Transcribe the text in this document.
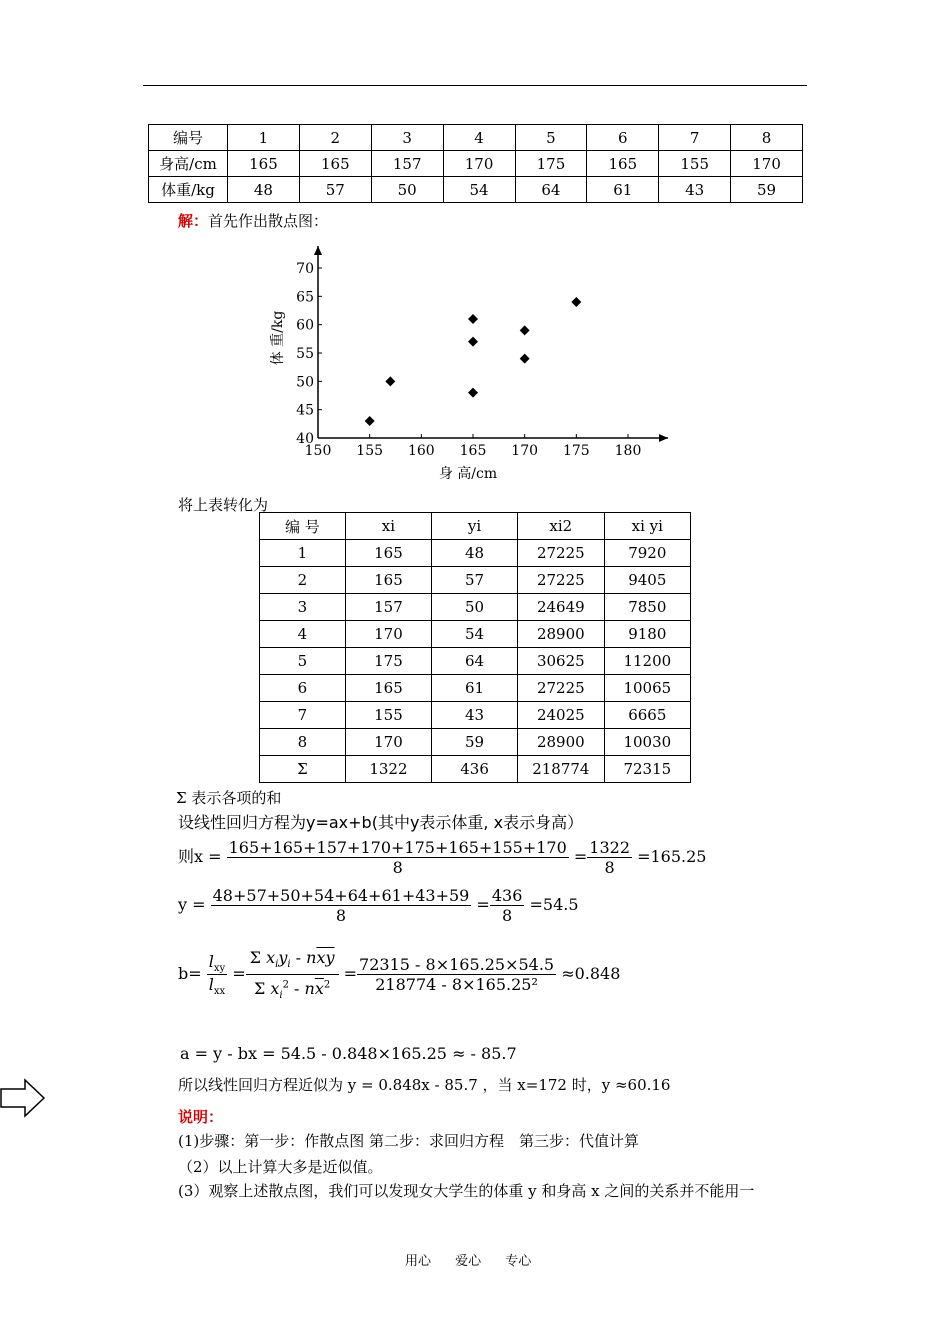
编号	1	2	3	4	5	6	7	8
身高/cm	165	165	157	170	175	165	155	170
体重/kg	48	57	50	54	64	61	43	59
解：首先作出散点图：
150 155 160 165 170 175 180
40
45
50
55
60
65
70
身 高/cm
体 重/kg
将上表转化为
编 号	xi	yi	xi2	xi yi
1	165	48	27225	7920
2	165	57	27225	9405
3	157	50	24649	7850
4	170	54	28900	9180
5	175	64	30625	11200
6	165	61	27225	10065
7	155	43	24025	6665
8	170	59	28900	10030
Σ	1322	436	218774	72315
Σ 表示各项的和
设线性回归方程为y=ax+b(其中y表示体重, x表示身高）
则$x = \frac{165+165+157+170+175+165+155+170}{8} = \frac{1322}{8} =165.25$
$y = \frac{48+57+50+54+64+61+43+59}{8} = \frac{436}{8} =54.5$
$b= \frac{l_{xy}}{l_{xx}} = \frac{\Sigma x_iy_i - n\overline{x}\overline{y}}{\Sigma x_i^2 - n\overline{x}^2} = \frac{72315 - 8\times 165.25\times 54.5}{\text{218774 - 8×165.25²}} \approx 0.848$
a = y - bx = 54.5 - 0.848×165.25 ≈ - 85.7
所以线性回归方程近似为 y = 0.848x - 85.7 ，当 x=172 时，y ≈60.16
说明：
(1)步骤：第一步：作散点图 第二步：求回归方程　第三步：代值计算
（2）以上计算大多是近似值。
(3）观察上述散点图，我们可以发现女大学生的体重 y 和身高 x 之间的关系并不能用一
用心 爱心 专心
